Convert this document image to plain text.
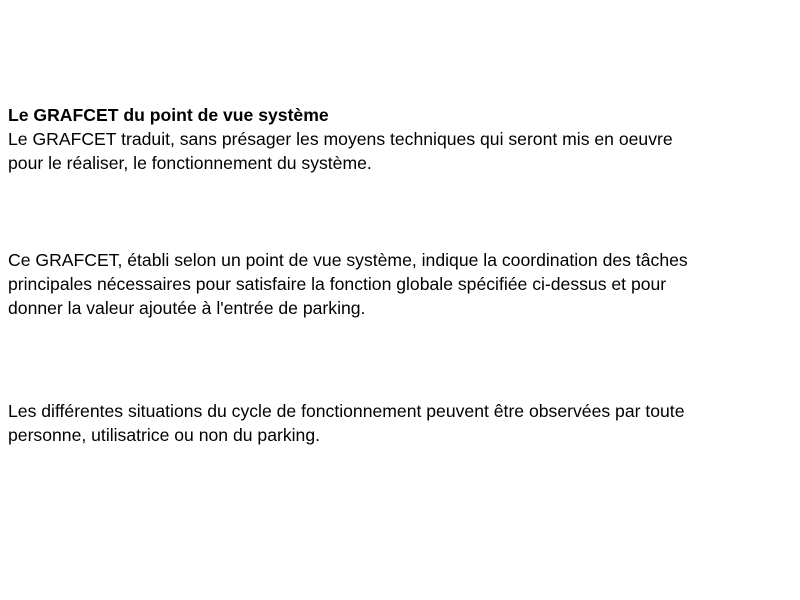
Le GRAFCET du point de vue système
Le GRAFCET traduit, sans présager les moyens techniques qui seront mis en oeuvre
pour le réaliser, le fonctionnement du système.
Ce GRAFCET, établi selon un point de vue système, indique la coordination des tâches
principales nécessaires pour satisfaire la fonction globale spécifiée ci-dessus et pour
donner la valeur ajoutée à l'entrée de parking.
Les différentes situations du cycle de fonctionnement peuvent être observées par toute
personne, utilisatrice ou non du parking.
